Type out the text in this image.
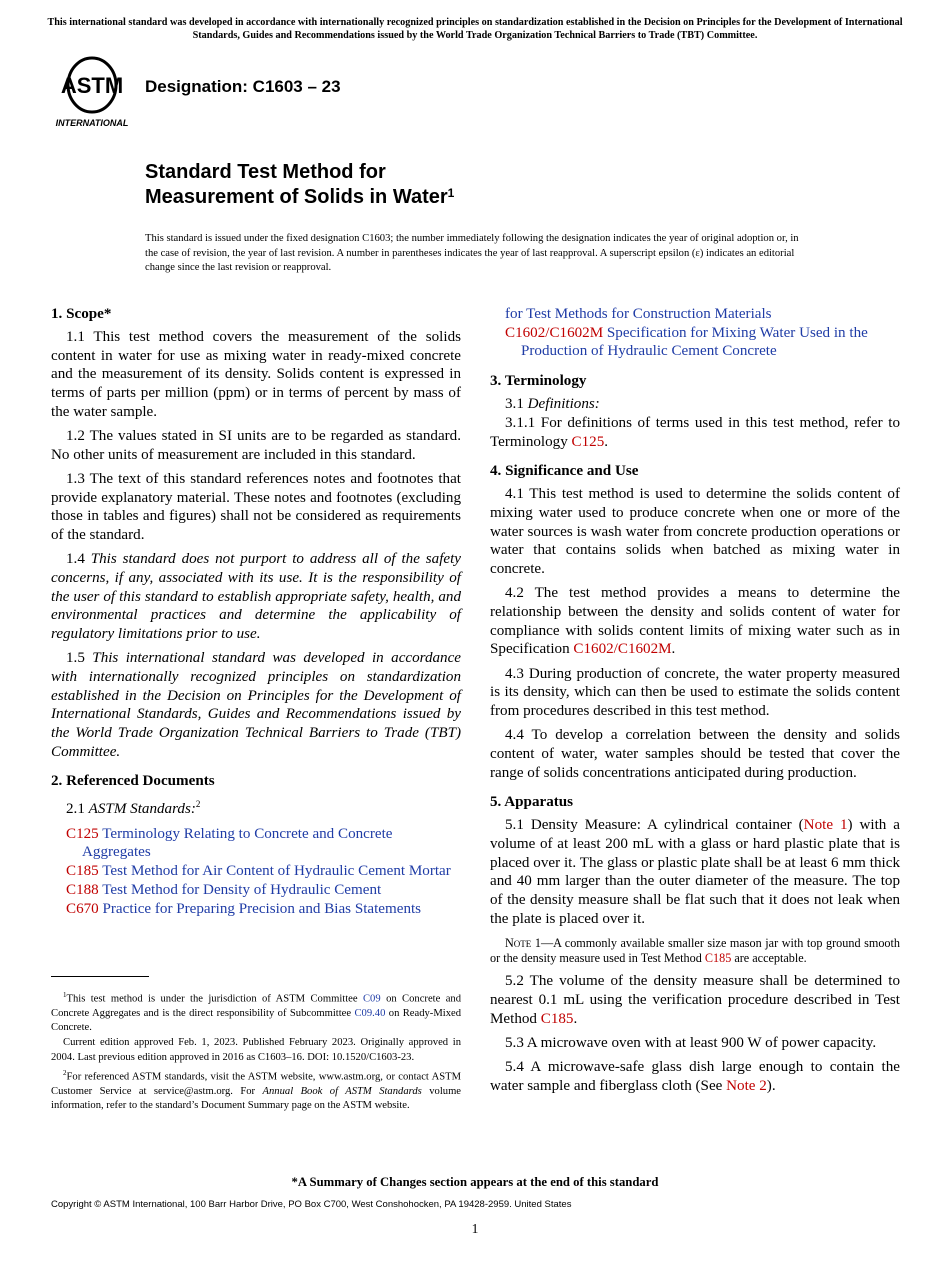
This international standard was developed in accordance with internationally recognized principles on standardization established in the Decision on Principles for the Development of International Standards, Guides and Recommendations issued by the World Trade Organization Technical Barriers to Trade (TBT) Committee.
ASTM
INTERNATIONAL
Designation: C1603 – 23
Standard Test Method for
Measurement of Solids in Water$^1$
This standard is issued under the fixed designation C1603; the number immediately following the designation indicates the year of original adoption or, in the case of revision, the year of last revision. A number in parentheses indicates the year of last reapproval. A superscript epsilon (ε) indicates an editorial change since the last revision or reapproval.
1. Scope*

1.1 This test method covers the measurement of the solids content in water for use as mixing water in ready-mixed concrete and the measurement of its density. Solids content is expressed in terms of parts per million (ppm) or in terms of percent by mass of the water sample.

1.2 The values stated in SI units are to be regarded as standard. No other units of measurement are included in this standard.

1.3 The text of this standard references notes and footnotes that provide explanatory material. These notes and footnotes (excluding those in tables and figures) shall not be considered as requirements of the standard.

1.4 This standard does not purport to address all of the safety concerns, if any, associated with its use. It is the responsibility of the user of this standard to establish appropriate safety, health, and environmental practices and determine the applicability of regulatory limitations prior to use.

1.5 This international standard was developed in accordance with internationally recognized principles on standardization established in the Decision on Principles for the Development of International Standards, Guides and Recommendations issued by the World Trade Organization Technical Barriers to Trade (TBT) Committee.

2. Referenced Documents

2.1 ASTM Standards:$^2$

C125 Terminology Relating to Concrete and Concrete Aggregates
C185 Test Method for Air Content of Hydraulic Cement Mortar
C188 Test Method for Density of Hydraulic Cement
C670 Practice for Preparing Precision and Bias Statements
for Test Methods for Construction Materials
C1602/C1602M Specification for Mixing Water Used in the Production of Hydraulic Cement Concrete
3. Terminology

3.1 Definitions:

3.1.1 For definitions of terms used in this test method, refer to Terminology C125.

4. Significance and Use

4.1 This test method is used to determine the solids content of mixing water used to produce concrete when one or more of the water sources is wash water from concrete production operations or water that contains solids when batched as mixing water in concrete.

4.2 The test method provides a means to determine the relationship between the density and solids content of water for compliance with solids content limits of mixing water such as in Specification C1602/C1602M.

4.3 During production of concrete, the water property measured is its density, which can then be used to estimate the solids content from procedures described in this test method.

4.4 To develop a correlation between the density and solids content of water, water samples should be tested that cover the range of solids concentrations anticipated during production.

5. Apparatus

5.1 Density Measure: A cylindrical container (Note 1) with a volume of at least 200 mL with a glass or hard plastic plate that is placed over it. The glass or plastic plate shall be at least 6 mm thick and 40 mm larger than the outer diameter of the measure. The top of the density measure shall be flat such that it does not leak when the plate is placed over it.

Note 1—A commonly available smaller size mason jar with top ground smooth or the density measure used in Test Method C185 are acceptable.

5.2 The volume of the density measure shall be determined to nearest 0.1 mL using the verification procedure described in Test Method C185.

5.3 A microwave oven with at least 900 W of power capacity.

5.4 A microwave-safe glass dish large enough to contain the water sample and fiberglass cloth (See Note 2).

$^1$This test method is under the jurisdiction of ASTM Committee C09 on Concrete and Concrete Aggregates and is the direct responsibility of Subcommittee C09.40 on Ready-Mixed Concrete.

Current edition approved Feb. 1, 2023. Published February 2023. Originally approved in 2004. Last previous edition approved in 2016 as C1603–16. DOI: 10.1520/C1603-23.

$^2$For referenced ASTM standards, visit the ASTM website, www.astm.org, or contact ASTM Customer Service at service@astm.org. For Annual Book of ASTM Standards volume information, refer to the standard’s Document Summary page on the ASTM website.

*A Summary of Changes section appears at the end of this standard
Copyright © ASTM International, 100 Barr Harbor Drive, PO Box C700, West Conshohocken, PA 19428-2959. United States
1
